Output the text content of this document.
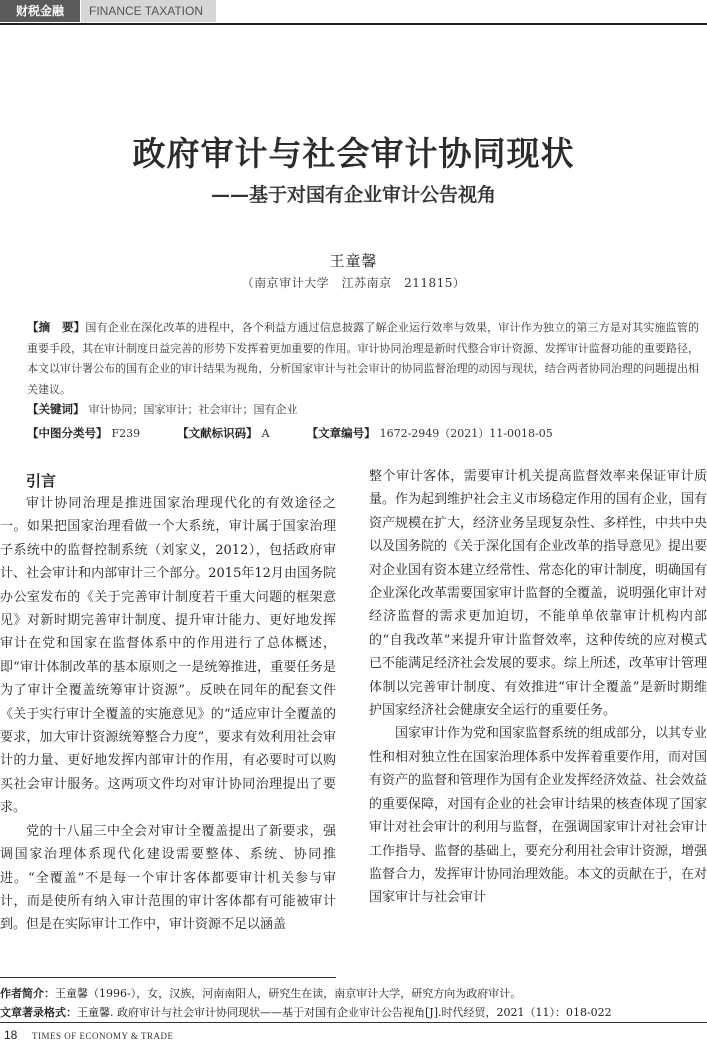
财税金融	FINANCE TAXATION
政府审计与社会审计协同现状
——基于对国有企业审计公告视角
王童馨
（南京审计大学　江苏南京　211815）
【摘　要】国有企业在深化改革的进程中，各个利益方通过信息披露了解企业运行效率与效果，审计作为独立的第三方是对其实施监管的重要手段，其在审计制度日益完善的形势下发挥着更加重要的作用。审计协同治理是新时代整合审计资源、发挥审计监督功能的重要路径，本文以审计署公布的国有企业的审计结果为视角，分析国家审计与社会审计的协同监督治理的动因与现状，结合两者协同治理的问题提出相关建议。
【关键词】 审计协同；国家审计；社会审计；国有企业
【中图分类号】 F239	【文献标识码】 A	【文章编号】 1672-2949（2021）11-0018-05
引言

审计协同治理是推进国家治理现代化的有效途径之一。如果把国家治理看做一个大系统，审计属于国家治理子系统中的监督控制系统（刘家义，2012），包括政府审计、社会审计和内部审计三个部分。2015年12月由国务院办公室发布的《关于完善审计制度若干重大问题的框架意见》对新时期完善审计制度、提升审计能力、更好地发挥审计在党和国家在监督体系中的作用进行了总体概述，即“审计体制改革的基本原则之一是统筹推进，重要任务是为了审计全覆盖统筹审计资源”。反映在同年的配套文件《关于实行审计全覆盖的实施意见》的“适应审计全覆盖的要求，加大审计资源统筹整合力度”，要求有效利用社会审计的力量、更好地发挥内部审计的作用，有必要时可以购买社会审计服务。这两项文件均对审计协同治理提出了要求。

党的十八届三中全会对审计全覆盖提出了新要求，强调国家治理体系现代化建设需要整体、系统、协同推进。“全覆盖”不是每一个审计客体都要审计机关参与审计，而是使所有纳入审计范围的审计客体都有可能被审计到。但是在实际审计工作中，审计资源不足以涵盖

整个审计客体，需要审计机关提高监督效率来保证审计质量。作为起到维护社会主义市场稳定作用的国有企业，国有资产规模在扩大，经济业务呈现复杂性、多样性，中共中央以及国务院的《关于深化国有企业改革的指导意见》提出要对企业国有资本建立经常性、常态化的审计制度，明确国有企业深化改革需要国家审计监督的全覆盖，说明强化审计对经济监督的需求更加迫切，不能单单依靠审计机构内部的“自我改革”来提升审计监督效率，这种传统的应对模式已不能满足经济社会发展的要求。综上所述，改革审计管理体制以完善审计制度、有效推进“审计全覆盖”是新时期维护国家经济社会健康安全运行的重要任务。

国家审计作为党和国家监督系统的组成部分，以其专业性和相对独立性在国家治理体系中发挥着重要作用，而对国有资产的监督和管理作为国有企业发挥经济效益、社会效益的重要保障，对国有企业的社会审计结果的核查体现了国家审计对社会审计的利用与监督，在强调国家审计对社会审计工作指导、监督的基础上，要充分利用社会审计资源，增强监督合力，发挥审计协同治理效能。本文的贡献在于，在对国家审计与社会审计

作者简介：王童馨（1996-），女，汉族，河南南阳人，研究生在读，南京审计大学，研究方向为政府审计。
文章著录格式：王童馨. 政府审计与社会审计协同现状——基于对国有企业审计公告视角[J].时代经贸，2021（11）：018-022
18 TIMES OF ECONOMY & TRADE
